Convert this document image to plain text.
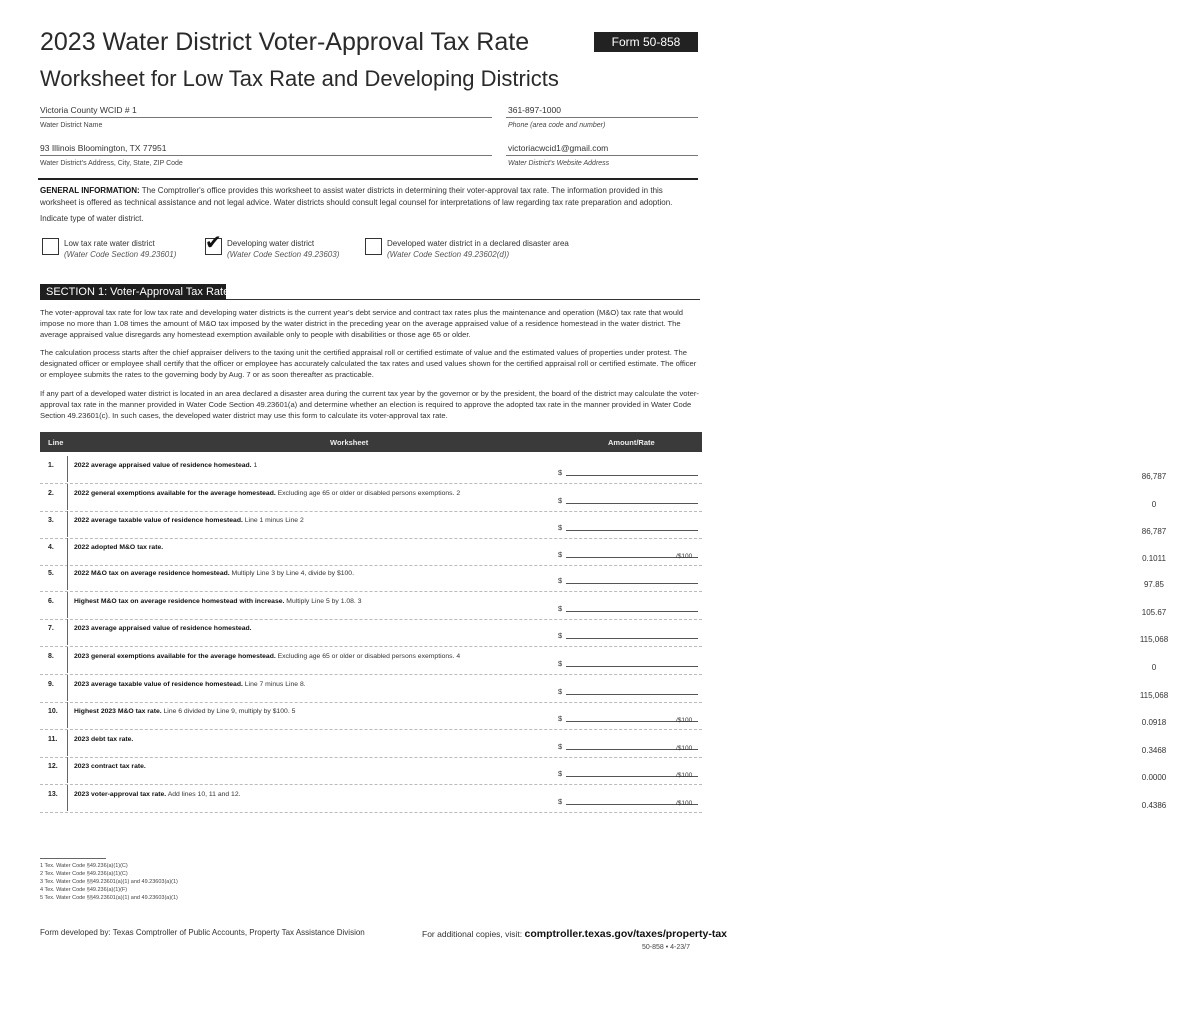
2023 Water District Voter-Approval Tax Rate	Form 50-858
Worksheet for Low Tax Rate and Developing Districts
Victoria County WCID # 1
Water District Name
361-897-1000
Phone (area code and number)
93 Illinois Bloomington, TX 77951
Water District's Address, City, State, ZIP Code
victoriacwcid1@gmail.com
Water District's Website Address
GENERAL INFORMATION: The Comptroller's office provides this worksheet to assist water districts in determining their voter-approval tax rate. The information provided in this worksheet is offered as technical assistance and not legal advice. Water districts should consult legal counsel for interpretations of law regarding tax rate preparation and adoption.
Indicate type of water district.
Low tax rate water district
(Water Code Section 49.23601)
✔ Developing water district
(Water Code Section 49.23603)
Developed water district in a declared disaster area
(Water Code Section 49.23602(d))
SECTION 1: Voter-Approval Tax Rate
The voter-approval tax rate for low tax rate and developing water districts is the current year's debt service and contract tax rates plus the maintenance and operation (M&O) tax rate that would impose no more than 1.08 times the amount of M&O tax imposed by the water district in the preceding year on the average appraised value of a residence homestead in the water district. The average appraised value disregards any homestead exemption available only to people with disabilities or those age 65 or older.
The calculation process starts after the chief appraiser delivers to the taxing unit the certified appraisal roll or certified estimate of value and the estimated values of properties under protest. The designated officer or employee shall certify that the officer or employee has accurately calculated the tax rates and used values shown for the certified appraisal roll or certified estimate. The officer or employee submits the rates to the governing body by Aug. 7 or as soon thereafter as practicable.
If any part of a developed water district is located in an area declared a disaster area during the current tax year by the governor or by the president, the board of the district may calculate the voter-approval tax rate in the manner provided in Water Code Section 49.23601(a) and determine whether an election is required to approve the adopted tax rate in the manner provided in Water Code Section 49.23601(c). In such cases, the developed water district may use this form to calculate its voter-approval tax rate.
Line	Worksheet	Amount/Rate
1.	2022 average appraised value of residence homestead. 1
$	86,787
2.	2022 general exemptions available for the average homestead. Excluding age 65 or older or disabled persons exemptions. 2
$	0
3.	2022 average taxable value of residence homestead. Line 1 minus Line 2
$	86,787
4.	2022 adopted M&O tax rate.
$	0.1011
/$100
5.	2022 M&O tax on average residence homestead. Multiply Line 3 by Line 4, divide by $100.
$	97.85
6.	Highest M&O tax on average residence homestead with increase. Multiply Line 5 by 1.08. 3
$	105.67
7.	2023 average appraised value of residence homestead.
$	115,068
8.	2023 general exemptions available for the average homestead. Excluding age 65 or older or disabled persons exemptions. 4
$	0
9.	2023 average taxable value of residence homestead. Line 7 minus Line 8.
$	115,068
10. Highest 2023 M&O tax rate. Line 6 divided by Line 9, multiply by $100. 5
$	0.0918
/$100
11. 2023 debt tax rate.
$	0.3468
/$100
12. 2023 contract tax rate.
$	0.0000
/$100
13. 2023 voter-approval tax rate. Add lines 10, 11 and 12.
$	0.4386
/$100
1 Tex. Water Code §49.236(a)(1)(C)
2 Tex. Water Code §49.236(a)(1)(C)
3 Tex. Water Code §§49.23601(a)(1) and 49.23603(a)(1)
4 Tex. Water Code §49.236(a)(1)(F)
5 Tex. Water Code §§49.23601(a)(1) and 49.23603(a)(1)
Form developed by: Texas Comptroller of Public Accounts, Property Tax Assistance Division	For additional copies, visit: comptroller.texas.gov/taxes/property-tax
50-858 • 4-23/7
